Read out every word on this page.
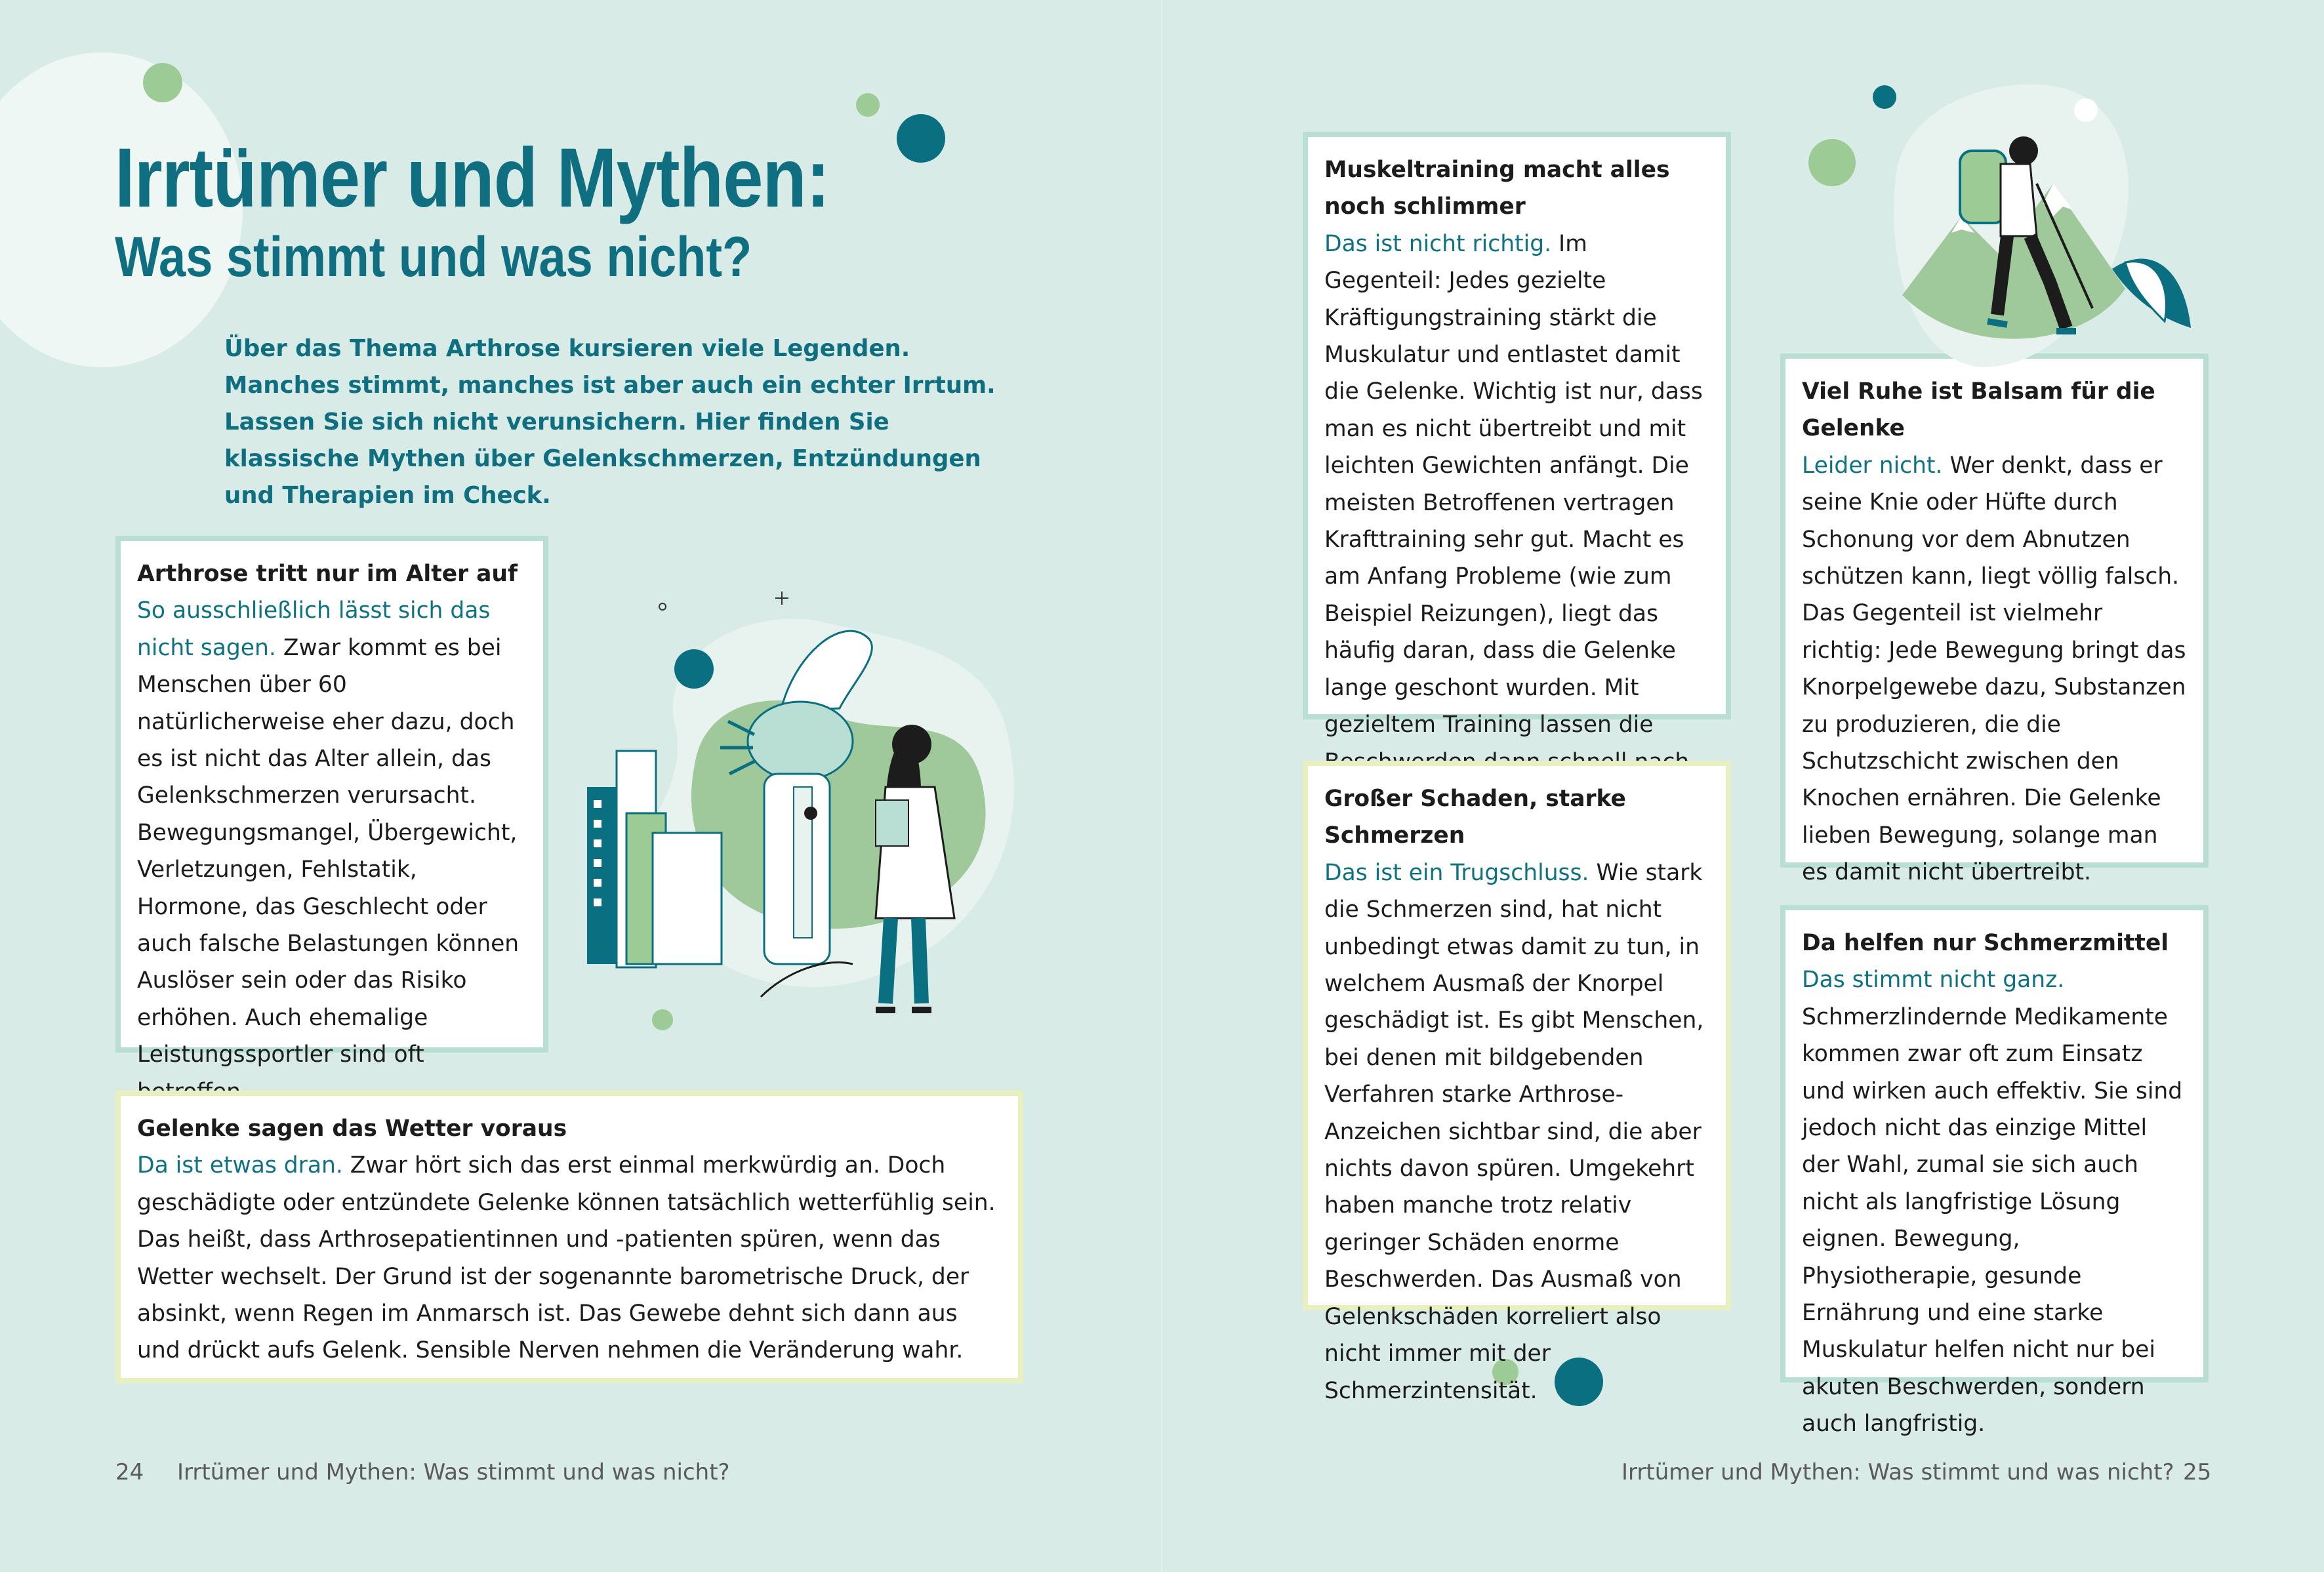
Irrtümer und Mythen:
Was stimmt und was nicht?

Über das Thema Arthrose kursieren viele Legenden. Manches stimmt, manches ist aber auch ein echter Irrtum. Lassen Sie sich nicht verunsichern. Hier finden Sie klassische Mythen über Gelenkschmerzen, Entzündungen und Therapien im Check.

Arthrose tritt nur im Alter auf

So ausschließlich lässt sich das nicht sagen. Zwar kommt es bei Menschen über 60 natürlicherweise eher dazu, doch es ist nicht das Alter allein, das Gelenkschmerzen verursacht. Bewegungsmangel, Übergewicht, Verletzungen, Fehlstatik, Hormone, das Geschlecht oder auch falsche Belastungen können Auslöser sein oder das Risiko erhöhen. Auch ehemalige Leistungssportler sind oft

Gelenke sagen das Wetter voraus

Da ist etwas dran. Zwar hört sich das erst einmal merkwürdig an. Doch geschädigte oder entzündete Gelenke können tatsächlich wetterfühlig sein. Das heißt, dass Arthrosepatientinnen und -patienten spüren, wenn das Wetter wechselt. Der Grund ist der sogenannte barometrische Druck, der absinkt, wenn Regen im Anmarsch ist. Das Gewebe dehnt sich dann aus und drückt aufs Gelenk. Sensible Nerven nehmen die Veränderung wahr.

Muskeltraining macht alles noch schlimmer

Das ist nicht richtig. Im Gegenteil: Jedes gezielte Kräftigungstraining stärkt die Muskulatur und entlastet damit die Gelenke. Wichtig ist nur, dass man es nicht übertreibt und mit leichten Gewichten anfängt. Die meisten Betroffenen vertragen Krafttraining sehr gut. Macht es am Anfang Probleme (wie zum Beispiel Reizungen), liegt das häufig daran, dass die Gelenke lange geschont wurden. Mit gezieltem Training lassen die

Großer Schaden, starke Schmerzen

Das ist ein Trugschluss. Wie stark die Schmerzen sind, hat nicht unbedingt etwas damit zu tun, in welchem Ausmaß der Knorpel geschädigt ist. Es gibt Menschen, bei denen mit bildgebenden Verfahren starke Arthrose-Anzeichen sichtbar sind, die aber nichts davon spüren. Umgekehrt haben manche trotz relativ geringer Schäden enorme Beschwerden. Das Ausmaß von Gelenkschäden korreliert also nicht immer mit der Schmerzintensität.

Viel Ruhe ist Balsam für die Gelenke

Leider nicht. Wer denkt, dass er seine Knie oder Hüfte durch Schonung vor dem Abnutzen schützen kann, liegt völlig falsch. Das Gegenteil ist vielmehr richtig: Jede Bewegung bringt das Knorpelgewebe dazu, Substanzen zu produzieren, die die Schutzschicht zwischen den Knochen ernähren. Die Gelenke lieben Bewegung, solange man es damit nicht übertreibt.

Da helfen nur Schmerzmittel

Das stimmt nicht ganz. Schmerzlindernde Medikamente kommen zwar oft zum Einsatz und wirken auch effektiv. Sie sind jedoch nicht das einzige Mittel der Wahl, zumal sie sich auch nicht als langfristige Lösung eignen. Bewegung, Physiotherapie, gesunde Ernährung und eine starke Muskulatur helfen nicht nur bei akuten Beschwerden, sondern auch langfristig.

24 Irrtümer und Mythen: Was stimmt und was nicht?	Irrtümer und Mythen: Was stimmt und was nicht? 25
